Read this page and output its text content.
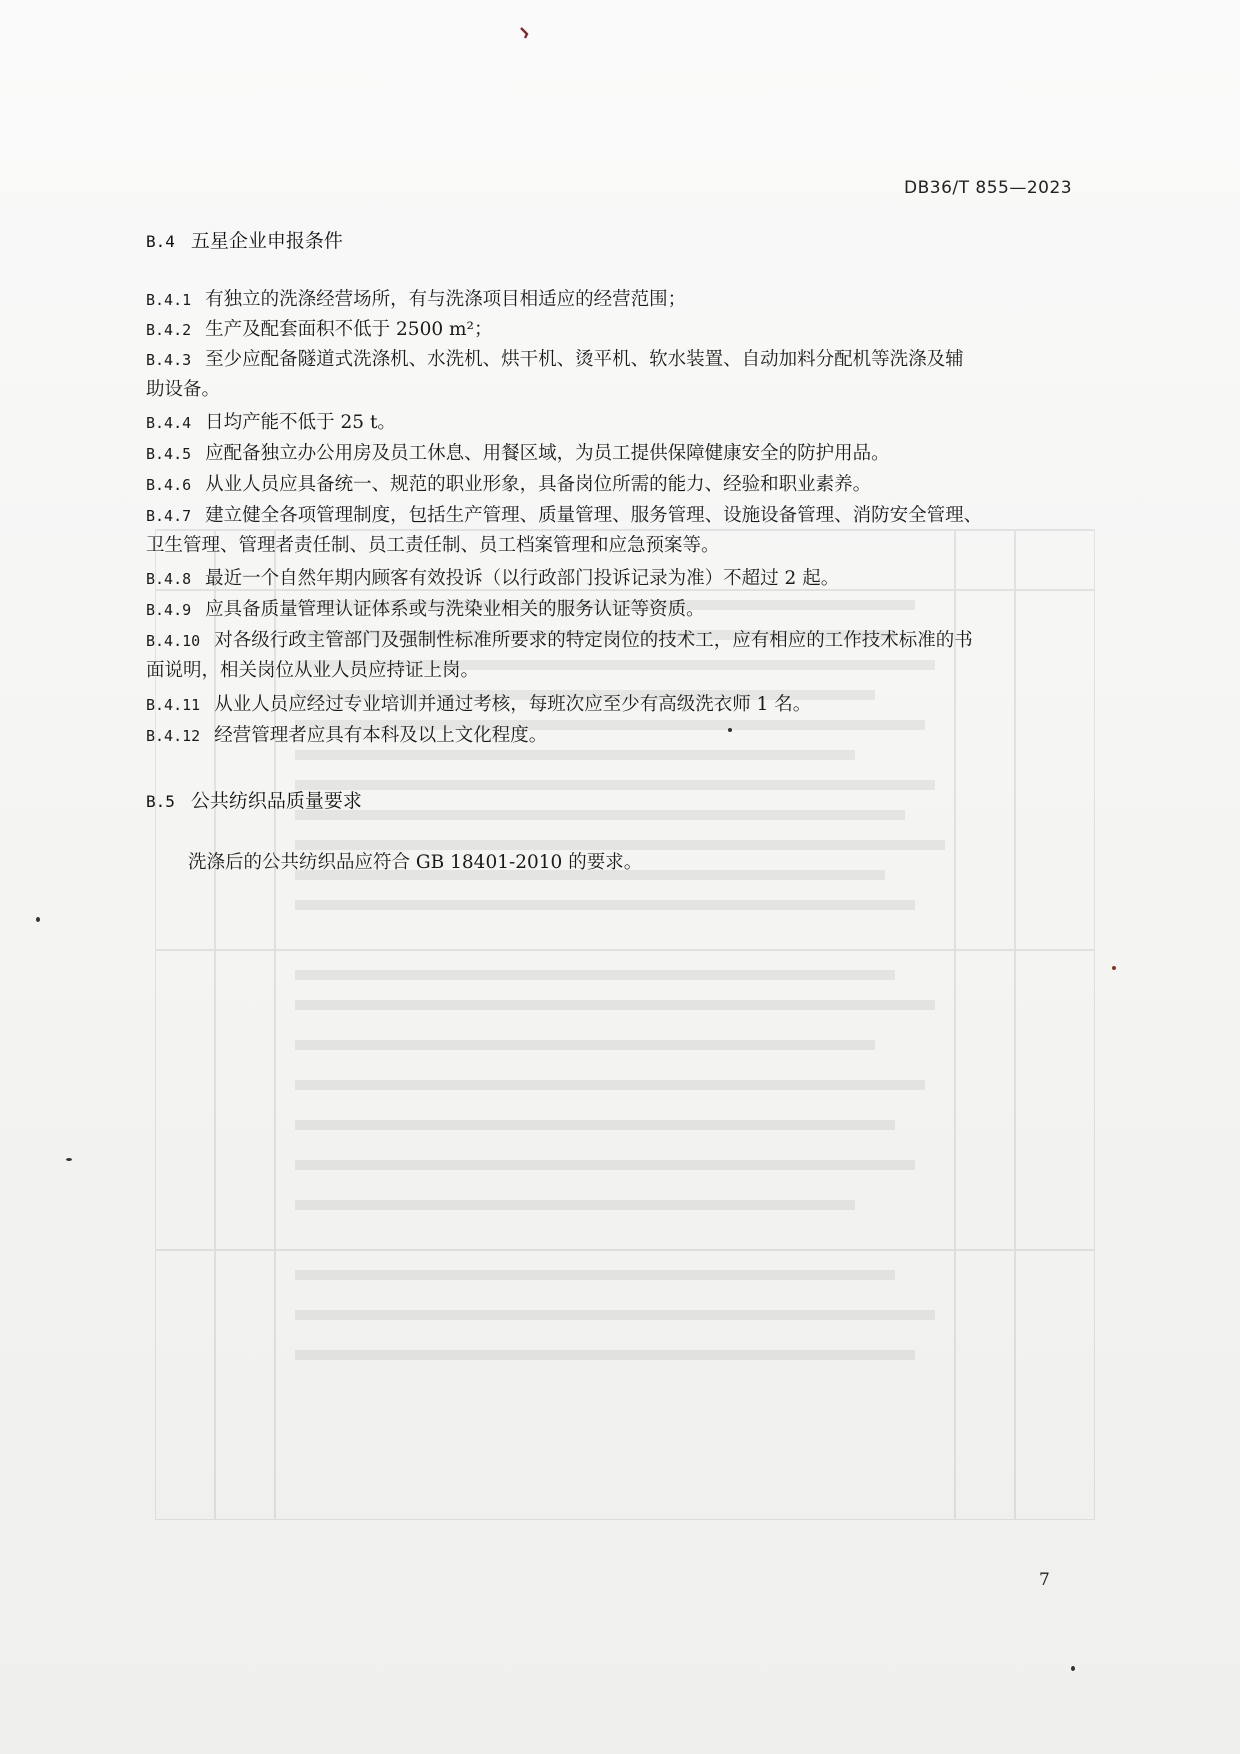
DB36/T 855—2023
B.4 五星企业申报条件
B.4.1 有独立的洗涤经营场所，有与洗涤项目相适应的经营范围；
B.4.2 生产及配套面积不低于 2500 m²；
B.4.3 至少应配备隧道式洗涤机、水洗机、烘干机、烫平机、软水装置、自动加料分配机等洗涤及辅
助设备。
B.4.4 日均产能不低于 25 t。
B.4.5 应配备独立办公用房及员工休息、用餐区域，为员工提供保障健康安全的防护用品。
B.4.6 从业人员应具备统一、规范的职业形象，具备岗位所需的能力、经验和职业素养。
B.4.7 建立健全各项管理制度，包括生产管理、质量管理、服务管理、设施设备管理、消防安全管理、
卫生管理、管理者责任制、员工责任制、员工档案管理和应急预案等。
B.4.8 最近一个自然年期内顾客有效投诉（以行政部门投诉记录为准）不超过 2 起。
B.4.9 应具备质量管理认证体系或与洗染业相关的服务认证等资质。
B.4.10 对各级行政主管部门及强制性标准所要求的特定岗位的技术工，应有相应的工作技术标准的书
面说明，相关岗位从业人员应持证上岗。
B.4.11 从业人员应经过专业培训并通过考核，每班次应至少有高级洗衣师 1 名。
B.4.12 经营管理者应具有本科及以上文化程度。
B.5 公共纺织品质量要求
洗涤后的公共纺织品应符合 GB 18401-2010 的要求。
7
